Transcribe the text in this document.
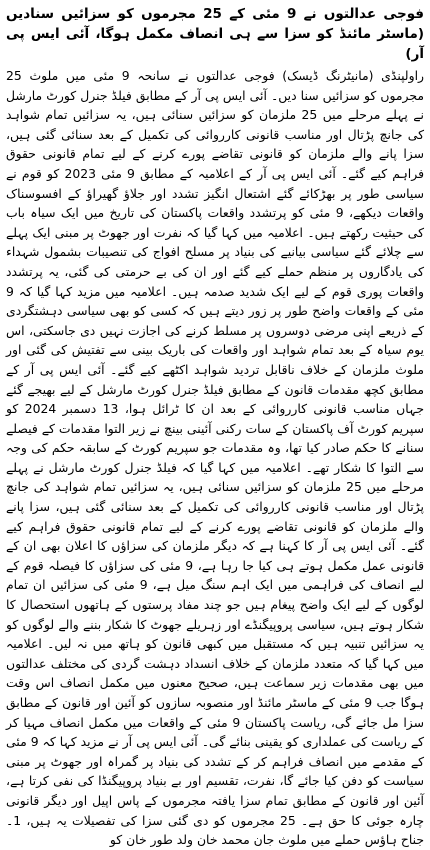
فوجی عدالتوں نے 9 مئی کے 25 مجرموں کو سزائیں سنادیں (ماسٹر مائنڈ کو سزا سے ہی انصاف مکمل ہوگا، آئی ایس پی آر)

راولپنڈی (مانیٹرنگ ڈیسک) فوجی عدالتوں نے سانحہ 9 مئی میں ملوث 25 مجرموں کو سزائیں سنا دیں۔ آئی ایس پی آر کے مطابق فیلڈ جنرل کورٹ مارشل نے پہلے مرحلے میں 25 ملزمان کو سزائیں سنائی ہیں، یہ سزائیں تمام شواہد کی جانچ پڑتال اور مناسب قانونی کارروائی کی تکمیل کے بعد سنائی گئی ہیں، سزا پانے والے ملزمان کو قانونی تقاضے پورے کرنے کے لیے تمام قانونی حقوق فراہم کیے گئے۔ آئی ایس پی آر کے اعلامیہ کے مطابق 9 مئی 2023 کو قوم نے سیاسی طور پر بھڑکائے گئے اشتعال انگیز تشدد اور جلاؤ گھیراؤ کے افسوسناک واقعات دیکھے، 9 مئی کو پرتشدد واقعات پاکستان کی تاریخ میں ایک سیاہ باب کی حیثیت رکھتے ہیں۔ اعلامیہ میں کہا گیا کہ نفرت اور جھوٹ پر مبنی ایک پہلے سے چلائے گئے سیاسی بیانیے کی بنیاد پر مسلح افواج کی تنصیبات بشمول شہداء کی یادگاروں پر منظم حملے کیے گئے اور ان کی بے حرمتی کی گئی، یہ پرتشدد واقعات پوری قوم کے لیے ایک شدید صدمہ ہیں۔ اعلامیہ میں مزید کہا گیا کہ 9 مئی کے واقعات واضح طور پر زور دیتے ہیں کہ کسی کو بھی سیاسی دہشتگردی کے ذریعے اپنی مرضی دوسروں پر مسلط کرنے کی اجازت نہیں دی جاسکتی، اس یوم سیاہ کے بعد تمام شواہد اور واقعات کی باریک بینی سے تفتیش کی گئی اور ملوث ملزمان کے خلاف ناقابل تردید شواہد اکٹھے کیے گئے۔ آئی ایس پی آر کے مطابق کچھ مقدمات قانون کے مطابق فیلڈ جنرل کورٹ مارشل کے لیے بھیجے گئے جہاں مناسب قانونی کارروائی کے بعد ان کا ٹرائل ہوا، 13 دسمبر 2024 کو سپریم کورٹ آف پاکستان کے سات رکنی آئینی بینچ نے زیر التوا مقدمات کے فیصلے سنانے کا حکم صادر کیا تھا، وہ مقدمات جو سپریم کورٹ کے سابقہ حکم کی وجہ سے التوا کا شکار تھے۔ اعلامیہ میں کہا گیا کہ فیلڈ جنرل کورٹ مارشل نے پہلے مرحلے میں 25 ملزمان کو سزائیں سنائی ہیں، یہ سزائیں تمام شواہد کی جانچ پڑتال اور مناسب قانونی کارروائی کی تکمیل کے بعد سنائی گئی ہیں، سزا پانے والے ملزمان کو قانونی تقاضے پورے کرنے کے لیے تمام قانونی حقوق فراہم کیے گئے۔ آئی ایس پی آر کا کہنا ہے کہ دیگر ملزمان کی سزاؤں کا اعلان بھی ان کے قانونی عمل مکمل ہوتے ہی کیا جا رہا ہے، 9 مئی کی سزاؤں کا فیصلہ قوم کے لیے انصاف کی فراہمی میں ایک اہم سنگ میل ہے، 9 مئی کی سزائیں ان تمام لوگوں کے لیے ایک واضح پیغام ہیں جو چند مفاد پرستوں کے ہاتھوں استحصال کا شکار ہوتے ہیں، سیاسی پروپیگنڈے اور زہریلے جھوٹ کا شکار بننے والے لوگوں کو یہ سزائیں تنبیہ ہیں کہ مستقبل میں کبھی قانون کو ہاتھ میں نہ لیں۔ اعلامیہ میں کہا گیا کہ متعدد ملزمان کے خلاف انسداد دہشت گردی کی مختلف عدالتوں میں بھی مقدمات زیر سماعت ہیں، صحیح معنوں میں مکمل انصاف اس وقت ہوگا جب 9 مئی کے ماسٹر مائنڈ اور منصوبہ سازوں کو آئین اور قانون کے مطابق سزا مل جائے گی، ریاست پاکستان 9 مئی کے واقعات میں مکمل انصاف مہیا کر کے ریاست کی عملداری کو یقینی بنائے گی۔ آئی ایس پی آر نے مزید کہا کہ 9 مئی کے مقدمے میں انصاف فراہم کر کے تشدد کی بنیاد پر گمراہ اور جھوٹ پر مبنی سیاست کو دفن کیا جائے گا، نفرت، تقسیم اور بے بنیاد پروپیگنڈا کی نفی کرتا ہے، آئین اور قانون کے مطابق تمام سزا یافتہ مجرموں کے پاس اپیل اور دیگر قانونی چارہ جوئی کا حق ہے۔ 25 مجرموں کو دی گئی سزا کی تفصیلات یہ ہیں، 1۔ جناح ہاؤس حملے میں ملوث جان محمد خان ولد طور خان کو
